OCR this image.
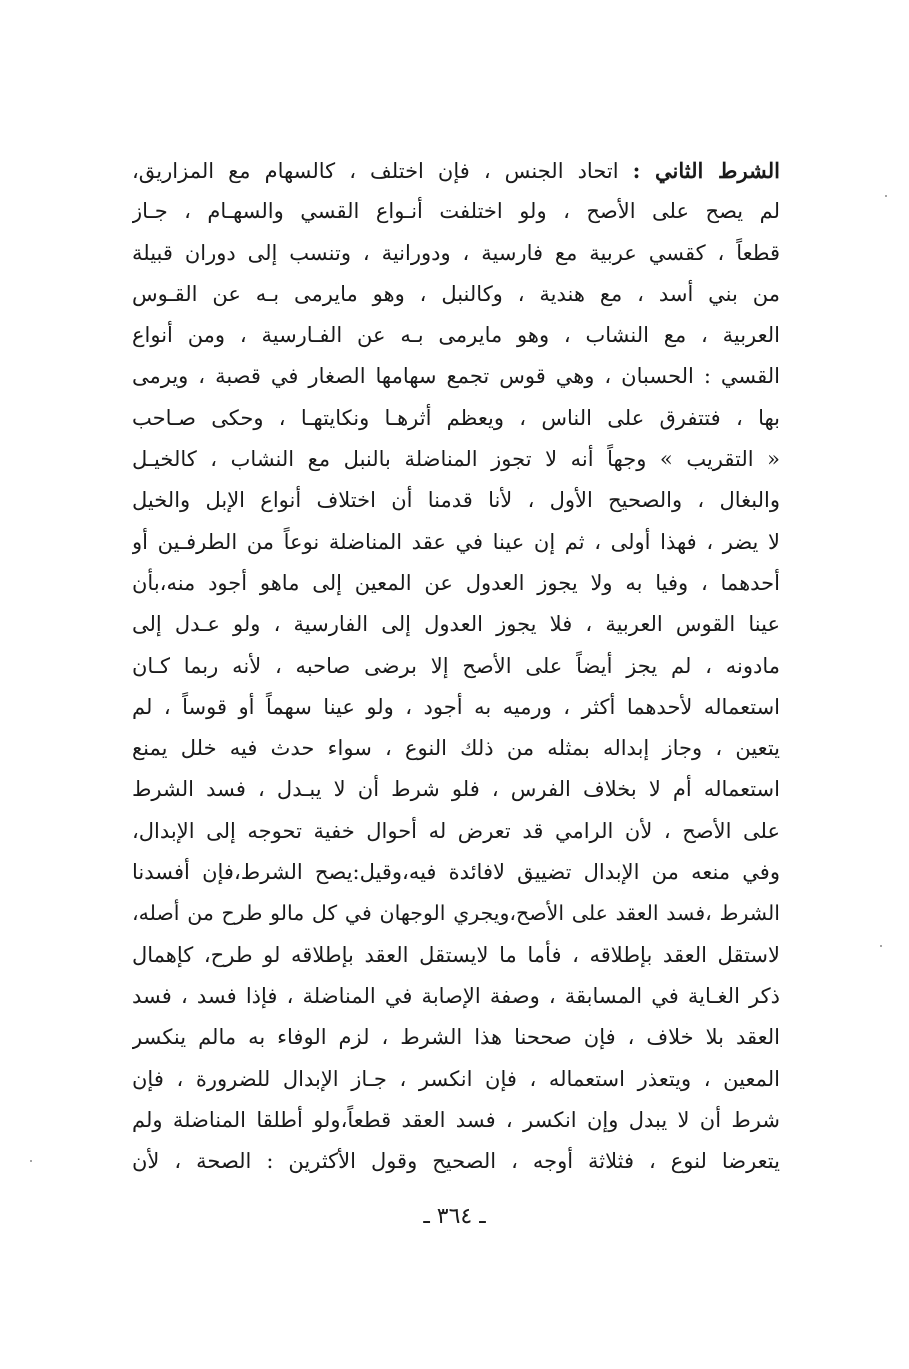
الشرط الثاني : اتحاد الجنس ، فإن اختلف ، كالسهام مع المزاريق،
لم يصح على الأصح ، ولو اختلفت أنـواع القسي والسهـام ، جـاز
قطعاً ، كقسي عربية مع فارسية ، ودورانية ، وتنسب إلى دوران قبيلة
من بني أسد ، مع هندية ، وكالنبل ، وهو مايرمى بـه عن القـوس
العربية ، مع النشاب ، وهو مايرمى بـه عن الفـارسية ، ومن أنواع
القسي : الحسبان ، وهي قوس تجمع سهامها الصغار في قصبة ، ويرمى
بها ، فتتفرق على الناس ، ويعظم أثرهـا ونكايتهـا ، وحكى صـاحب
« التقريب » وجهاً أنه لا تجوز المناضلة بالنبل مع النشاب ، كالخيـل
والبغال ، والصحيح الأول ، لأنا قدمنا أن اختلاف أنواع الإبل والخيل
لا يضر ، فهذا أولى ، ثم إن عينا في عقد المناضلة نوعاً من الطرفـين أو
أحدهما ، وفيا به ولا يجوز العدول عن المعين إلى ماهو أجود منه،بأن
عينا القوس العربية ، فلا يجوز العدول إلى الفارسية ، ولو عـدل إلى
مادونه ، لم يجز أيضاً على الأصح إلا برضى صاحبه ، لأنه ربما كـان
استعماله لأحدهما أكثر ، ورميه به أجود ، ولو عينا سهماً أو قوساً ، لم
يتعين ، وجاز إبداله بمثله من ذلك النوع ، سواء حدث فيه خلل يمنع
استعماله أم لا بخلاف الفرس ، فلو شرط أن لا يبـدل ، فسد الشرط
على الأصح ، لأن الرامي قد تعرض له أحوال خفية تحوجه إلى الإبدال،
وفي منعه من الإبدال تضييق لافائدة فيه،وقيل:يصح الشرط،فإن أفسدنا
الشرط ،فسد العقد على الأصح،ويجري الوجهان في كل مالو طرح من أصله،
لاستقل العقد بإطلاقه ، فأما ما لايستقل العقد بإطلاقه لو طرح، كإهمال
ذكر الغـاية في المسابقة ، وصفة الإصابة في المناضلة ، فإذا فسد ، فسد
العقد بلا خلاف ، فإن صححنا هذا الشرط ، لزم الوفاء به مالم ينكسر
المعين ، ويتعذر استعماله ، فإن انكسر ، جـاز الإبدال للضرورة ، فإن
شرط أن لا يبدل وإن انكسر ، فسد العقد قطعاً،ولو أطلقا المناضلة ولم
يتعرضا لنوع ، فثلاثة أوجه ، الصحيح وقول الأكثرين : الصحة ، لأن
ـ ٣٦٤ ـ
